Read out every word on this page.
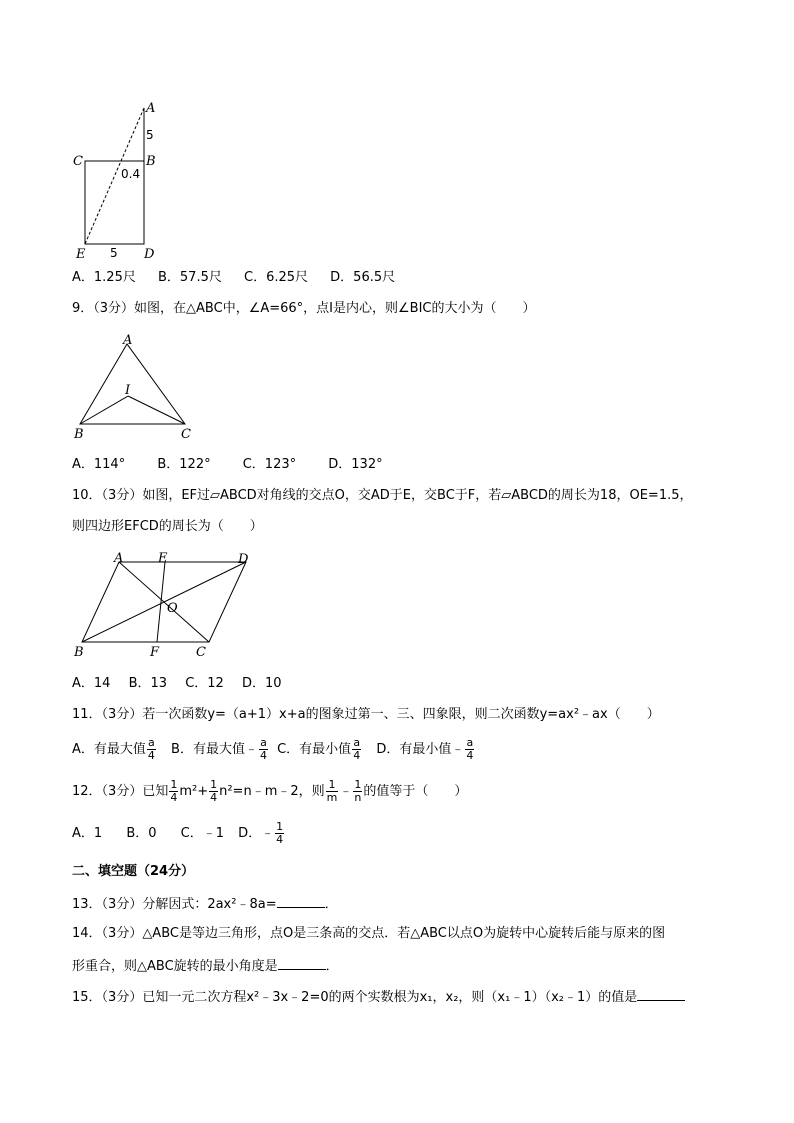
A
C	B
E	D
5
0.4
5
A．1.25尺 B．57.5尺 C．6.25尺 D．56.5尺
9．（3分）如图，在△ABC中，∠A=66°，点I是内心，则∠BIC的大小为（　　）
A
I
B	C
A．114° B．122° C．123° D．132°
10．（3分）如图，EF过▱ABCD对角线的交点O，交AD于E，交BC于F，若▱ABCD的周长为18，OE=1.5，
则四边形EFCD的周长为（　　）
A	E	D
O
B	F	C
A．14 B．13 C．12 D．10
11．（3分）若一次函数y=（a+1）x+a的图象过第一、三、四象限，则二次函数y=ax²﹣ax（　　）
A．有最大值 $\frac{a}{4}$ B．有最大值﹣ $\frac{a}{4}$ C．有最小值 $\frac{a}{4}$ D．有最小值﹣ $\frac{a}{4}$
12．（3分）已知 $\frac{1}{4} m^2+ \frac{1}{4}$ n²=n﹣m﹣2，则 $\frac{1}{m}$ ﹣ $\frac{1}{n}$ 的值等于（　　）
A．1 B．0 C．﹣1 D．﹣ $\frac{1}{4}$
二、填空题（24分）
13．（3分）分解因式：2ax²﹣8a=	．
14．（3分）△ABC是等边三角形，点O是三条高的交点．若△ABC以点O为旋转中心旋转后能与原来的图
形重合，则△ABC旋转的最小角度是	．
15．（3分）已知一元二次方程x²﹣3x﹣2=0的两个实数根为x₁，x₂，则（x₁﹣1）（x₂﹣1）的值是
